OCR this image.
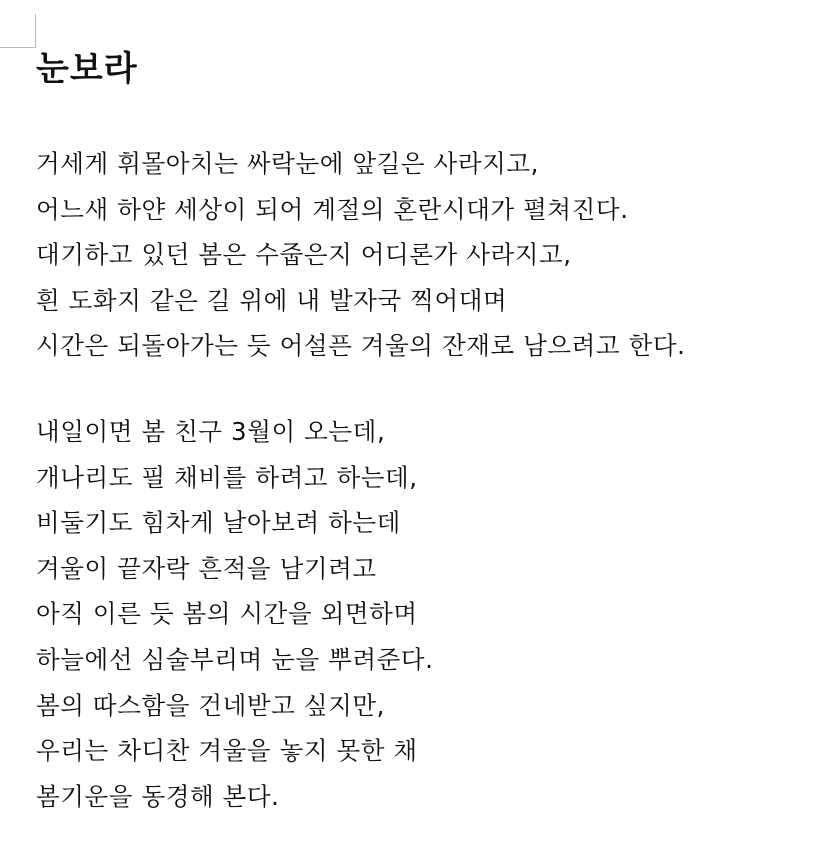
눈보라
거세게 휘몰아치는 싸락눈에 앞길은 사라지고,
어느새 하얀 세상이 되어 계절의 혼란시대가 펼쳐진다.
대기하고 있던 봄은 수줍은지 어디론가 사라지고,
흰 도화지 같은 길 위에 내 발자국 찍어대며
시간은 되돌아가는 듯 어설픈 겨울의 잔재로 남으려고 한다.
내일이면 봄 친구 3월이 오는데,
개나리도 필 채비를 하려고 하는데,
비둘기도 힘차게 날아보려 하는데
겨울이 끝자락 흔적을 남기려고
아직 이른 듯 봄의 시간을 외면하며
하늘에선 심술부리며 눈을 뿌려준다.
봄의 따스함을 건네받고 싶지만,
우리는 차디찬 겨울을 놓지 못한 채
봄기운을 동경해 본다.
